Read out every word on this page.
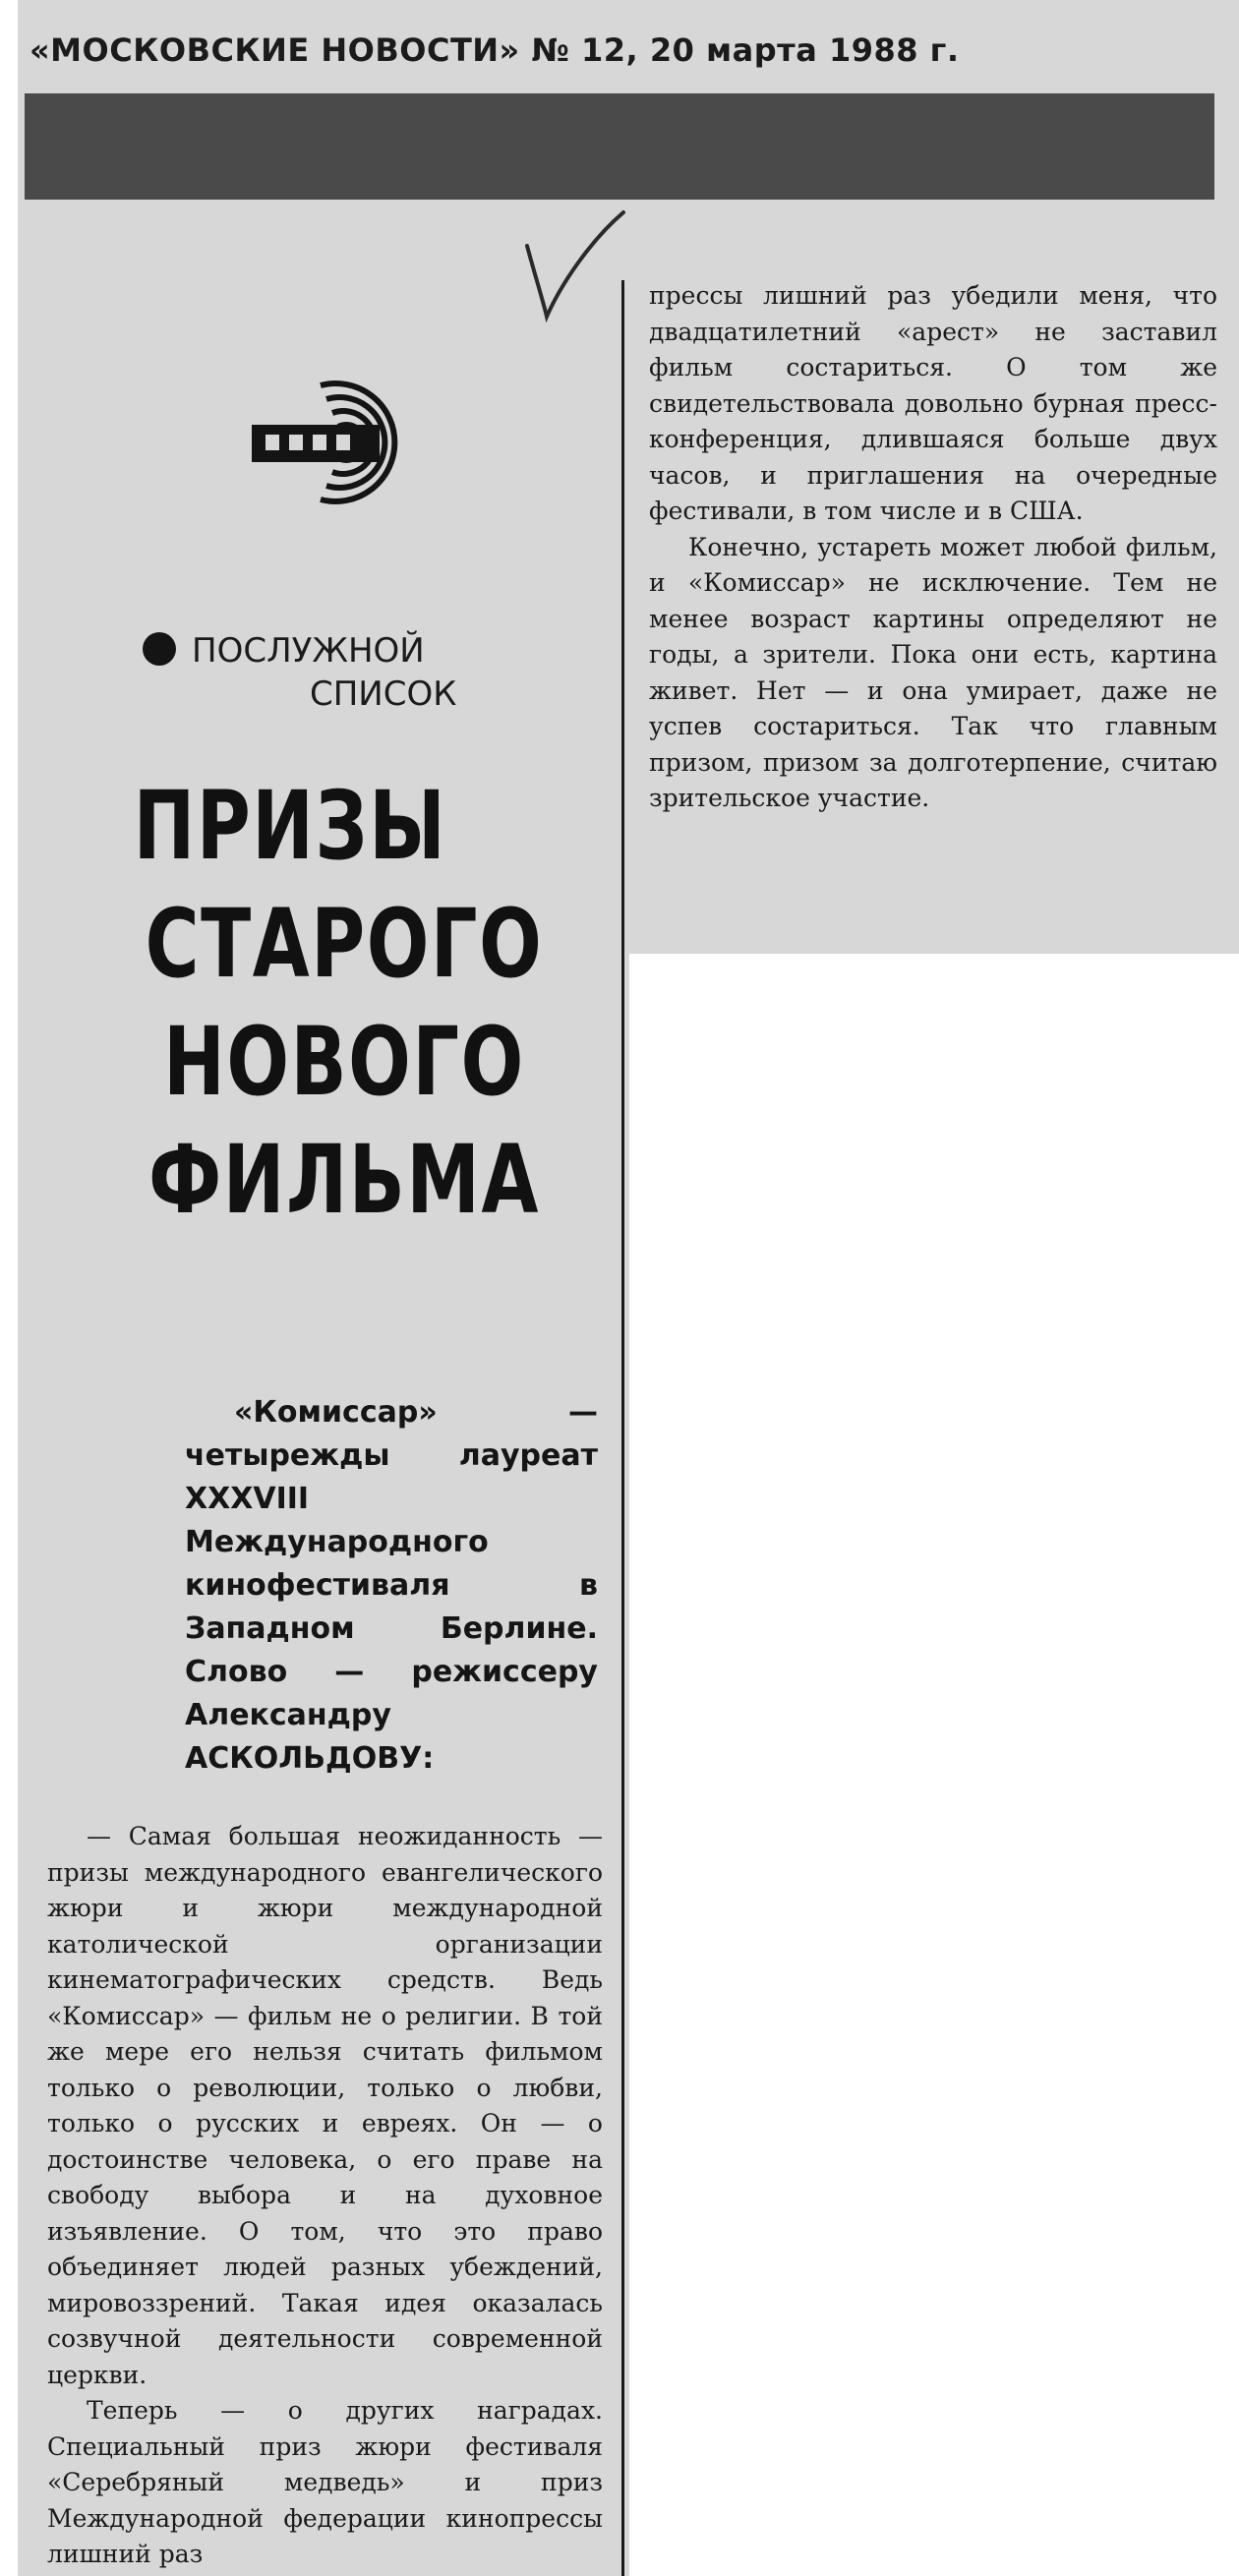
«МОСКОВСКИЕ НОВОСТИ» № 12, 20 марта 1988 г.
ПОСЛУЖНОЙ
СПИСОК
ПРИЗЫ
СТАРОГО
НОВОГО
ФИЛЬМА
«Комиссар» — четырежды лауреат XXXVIII Международного кинофестиваля в Западном Берлине. Слово — режиссеру Александру АСКОЛЬДОВУ:

— Самая большая неожиданность — призы международного евангелического жюри и жюри международной католической организации кинематографических средств. Ведь «Комиссар» — фильм не о религии. В той же мере его нельзя считать фильмом только о революции, только о любви, только о русских и евреях. Он — о достоинстве человека, о его праве на свободу выбора и на духовное изъявление. О том, что это право объединяет людей разных убеждений, мировоззрений. Такая идея оказалась созвучной деятельности современной церкви.

Теперь — о других наградах. Специальный приз жюри фестиваля «Серебряный медведь» и приз Международной федерации кинопрессы лишний раз

прессы лишний раз убедили меня, что двадцатилетний «арест» не заставил фильм состариться. О том же свидетельствовала довольно бурная пресс-конференция, длившаяся больше двух часов, и приглашения на очередные фестивали, в том числе и в США.

Конечно, устареть может любой фильм, и «Комиссар» не исключение. Тем не менее возраст картины определяют не годы, а зрители. Пока они есть, картина живет. Нет — и она умирает, даже не успев состариться. Так что главным призом, призом за долготерпение, считаю зрительское участие.
